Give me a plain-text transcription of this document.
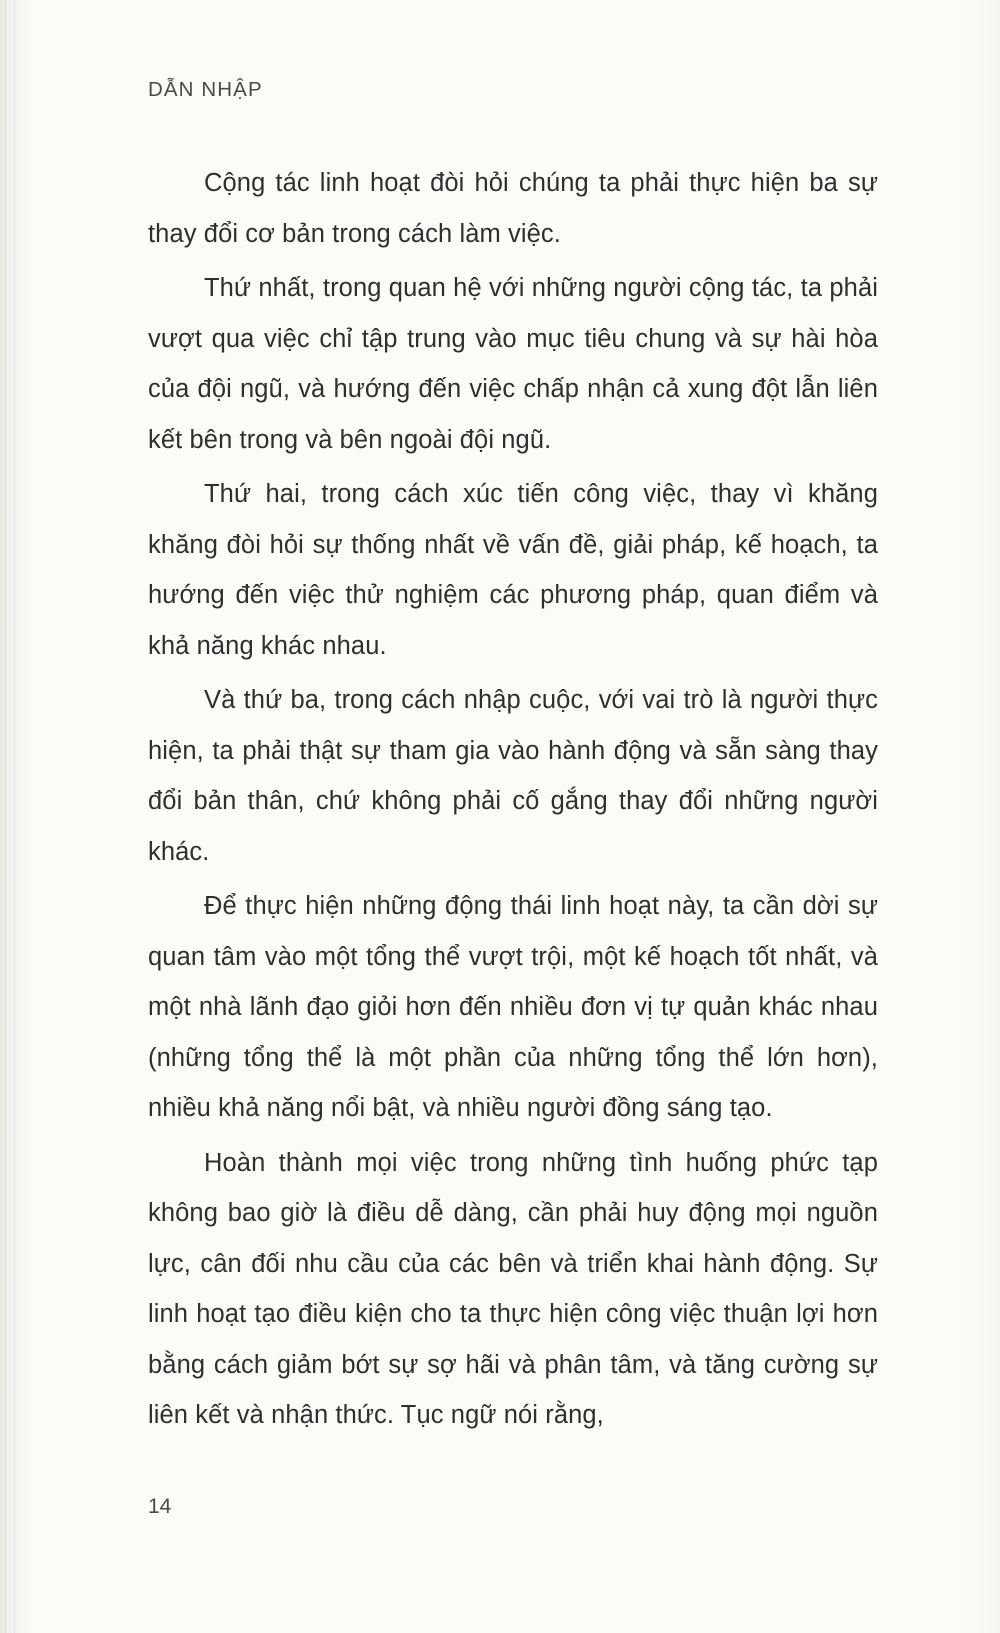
DẪN NHẬP

Cộng tác linh hoạt đòi hỏi chúng ta phải thực hiện ba sự thay đổi cơ bản trong cách làm việc.

Thứ nhất, trong quan hệ với những người cộng tác, ta phải vượt qua việc chỉ tập trung vào mục tiêu chung và sự hài hòa của đội ngũ, và hướng đến việc chấp nhận cả xung đột lẫn liên kết bên trong và bên ngoài đội ngũ.

Thứ hai, trong cách xúc tiến công việc, thay vì khăng khăng đòi hỏi sự thống nhất về vấn đề, giải pháp, kế hoạch, ta hướng đến việc thử nghiệm các phương pháp, quan điểm và khả năng khác nhau.

Và thứ ba, trong cách nhập cuộc, với vai trò là người thực hiện, ta phải thật sự tham gia vào hành động và sẵn sàng thay đổi bản thân, chứ không phải cố gắng thay đổi những người khác.

Để thực hiện những động thái linh hoạt này, ta cần dời sự quan tâm vào một tổng thể vượt trội, một kế hoạch tốt nhất, và một nhà lãnh đạo giỏi hơn đến nhiều đơn vị tự quản khác nhau (những tổng thể là một phần của những tổng thể lớn hơn), nhiều khả năng nổi bật, và nhiều người đồng sáng tạo.

Hoàn thành mọi việc trong những tình huống phức tạp không bao giờ là điều dễ dàng, cần phải huy động mọi nguồn lực, cân đối nhu cầu của các bên và triển khai hành động. Sự linh hoạt tạo điều kiện cho ta thực hiện công việc thuận lợi hơn bằng cách giảm bớt sự sợ hãi và phân tâm, và tăng cường sự liên kết và nhận thức. Tục ngữ nói rằng,

14
